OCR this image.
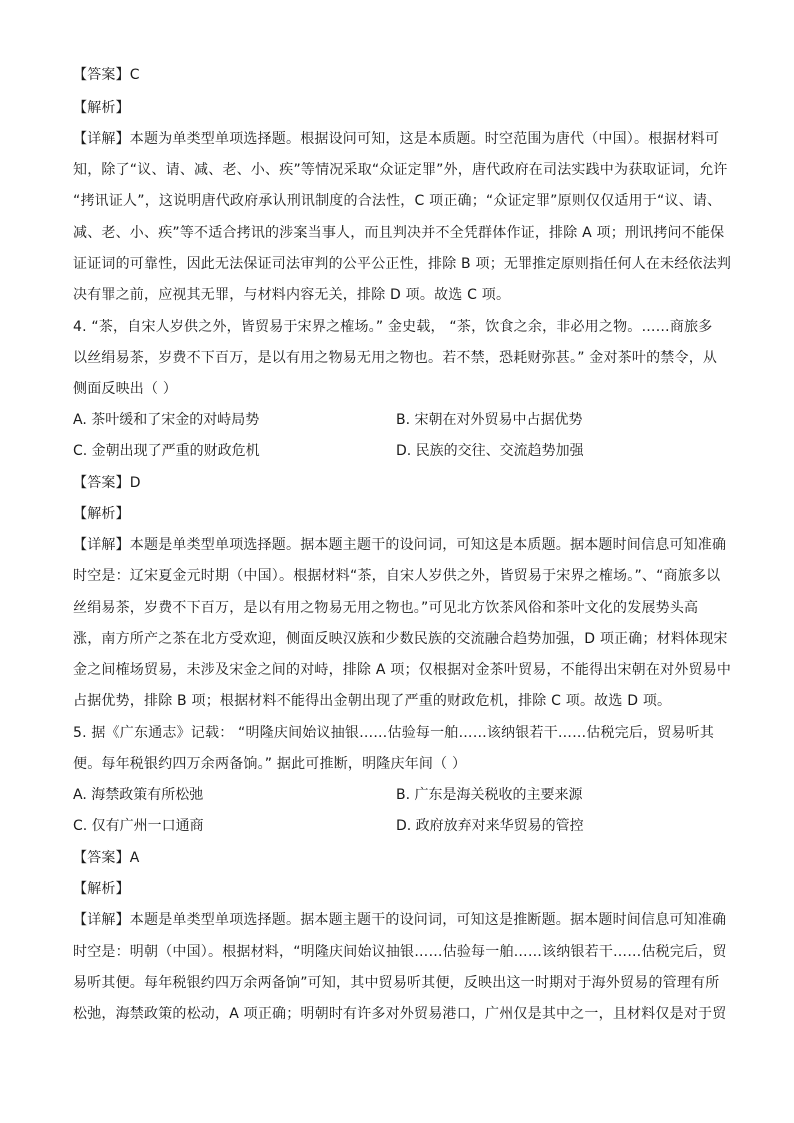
【答案】C
【解析】
【详解】本题为单类型单项选择题。根据设问可知，这是本质题。时空范围为唐代（中国）。根据材料可
知，除了“议、请、减、老、小、疾”等情况采取“众证定罪”外，唐代政府在司法实践中为获取证词，允许
“拷讯证人”，这说明唐代政府承认刑讯制度的合法性，C 项正确；“众证定罪”原则仅仅适用于“议、请、
减、老、小、疾”等不适合拷讯的涉案当事人，而且判决并不全凭群体作证，排除 A 项；刑讯拷问不能保
证证词的可靠性，因此无法保证司法审判的公平公正性，排除 B 项；无罪推定原则指任何人在未经依法判
决有罪之前，应视其无罪，与材料内容无关，排除 D 项。故选 C 项。
4. “茶，自宋人岁供之外，皆贸易于宋界之榷场。” 金史载， “茶，饮食之余，非必用之物。……商旅多
以丝绢易茶，岁费不下百万，是以有用之物易无用之物也。若不禁，恐耗财弥甚。” 金对茶叶的禁令，从
侧面反映出（ ）
A. 茶叶缓和了宋金的对峙局势	B. 宋朝在对外贸易中占据优势
C. 金朝出现了严重的财政危机	D. 民族的交往、交流趋势加强
【答案】D
【解析】
【详解】本题是单类型单项选择题。据本题主题干的设问词，可知这是本质题。据本题时间信息可知准确
时空是：辽宋夏金元时期（中国）。根据材料“茶，自宋人岁供之外，皆贸易于宋界之榷场。”、“商旅多以
丝绢易茶，岁费不下百万，是以有用之物易无用之物也。”可见北方饮茶风俗和茶叶文化的发展势头高
涨，南方所产之茶在北方受欢迎，侧面反映汉族和少数民族的交流融合趋势加强，D 项正确；材料体现宋
金之间榷场贸易，未涉及宋金之间的对峙，排除 A 项；仅根据对金茶叶贸易，不能得出宋朝在对外贸易中
占据优势，排除 B 项；根据材料不能得出金朝出现了严重的财政危机，排除 C 项。故选 D 项。
5. 据《广东通志》记载： “明隆庆间始议抽银……估验每一舶……该纳银若干……估税完后，贸易听其
便。每年税银约四万余两备饷。” 据此可推断，明隆庆年间（ ）
A. 海禁政策有所松弛	B. 广东是海关税收的主要来源
C. 仅有广州一口通商	D. 政府放弃对来华贸易的管控
【答案】A
【解析】
【详解】本题是单类型单项选择题。据本题主题干的设问词，可知这是推断题。据本题时间信息可知准确
时空是：明朝（中国）。根据材料，“明隆庆间始议抽银……估验每一舶……该纳银若干……估税完后，贸
易听其便。每年税银约四万余两备饷”可知，其中贸易听其便，反映出这一时期对于海外贸易的管理有所
松弛，海禁政策的松动，A 项正确；明朝时有许多对外贸易港口，广州仅是其中之一，且材料仅是对于贸
